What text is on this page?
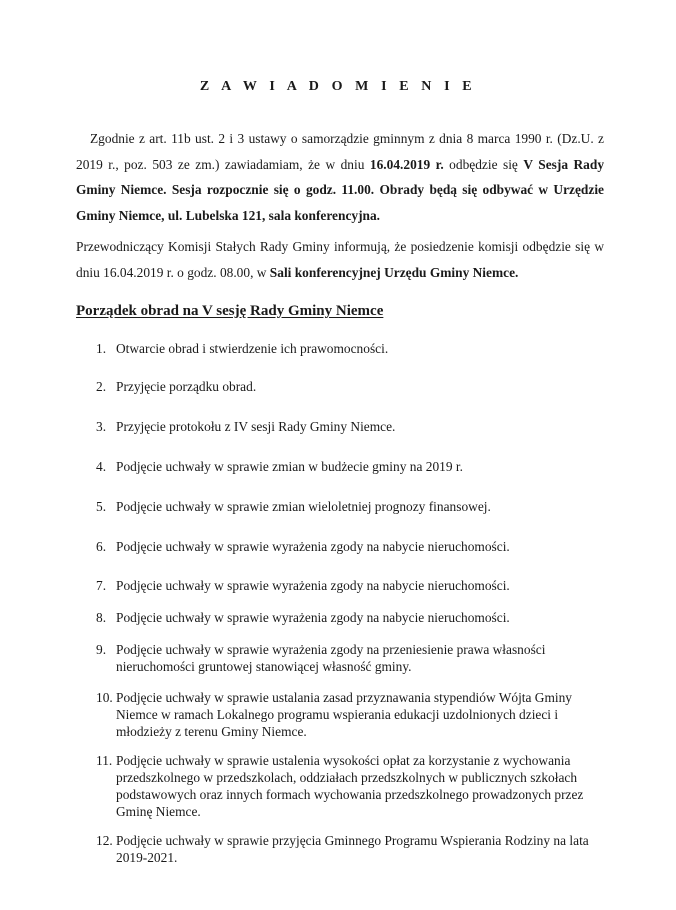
Z A W I A D O M I E N I E

Zgodnie z art. 11b ust. 2 i 3 ustawy o samorządzie gminnym z dnia 8 marca 1990 r. (Dz.U. z 2019 r., poz. 503 ze zm.) zawiadamiam, że w dniu 16.04.2019 r. odbędzie się V Sesja Rady Gminy Niemce. Sesja rozpocznie się o godz. 11.00. Obrady będą się odbywać w Urzędzie Gminy Niemce, ul. Lubelska 121, sala konferencyjna.

Przewodniczący Komisji Stałych Rady Gminy informują, że posiedzenie komisji odbędzie się w dniu 16.04.2019 r. o godz. 08.00, w Sali konferencyjnej Urzędu Gminy Niemce.

Porządek obrad na V sesję Rady Gminy Niemce
1. Otwarcie obrad i stwierdzenie ich prawomocności.
2. Przyjęcie porządku obrad.
3. Przyjęcie protokołu z IV sesji Rady Gminy Niemce.
4. Podjęcie uchwały w sprawie zmian w budżecie gminy na 2019 r.
5. Podjęcie uchwały w sprawie zmian wieloletniej prognozy finansowej.
6. Podjęcie uchwały w sprawie wyrażenia zgody na nabycie nieruchomości.
7. Podjęcie uchwały w sprawie wyrażenia zgody na nabycie nieruchomości.
8. Podjęcie uchwały w sprawie wyrażenia zgody na nabycie nieruchomości.
9. Podjęcie uchwały w sprawie wyrażenia zgody na przeniesienie prawa własności nieruchomości gruntowej stanowiącej własność gminy.
10. Podjęcie uchwały w sprawie ustalania zasad przyznawania stypendiów Wójta Gminy Niemce w ramach Lokalnego programu wspierania edukacji uzdolnionych dzieci i młodzieży z terenu Gminy Niemce.
11. Podjęcie uchwały w sprawie ustalenia wysokości opłat za korzystanie z wychowania przedszkolnego w przedszkolach, oddziałach przedszkolnych w publicznych szkołach podstawowych oraz innych formach wychowania przedszkolnego prowadzonych przez Gminę Niemce.
12. Podjęcie uchwały w sprawie przyjęcia Gminnego Programu Wspierania Rodziny na lata 2019-2021.
